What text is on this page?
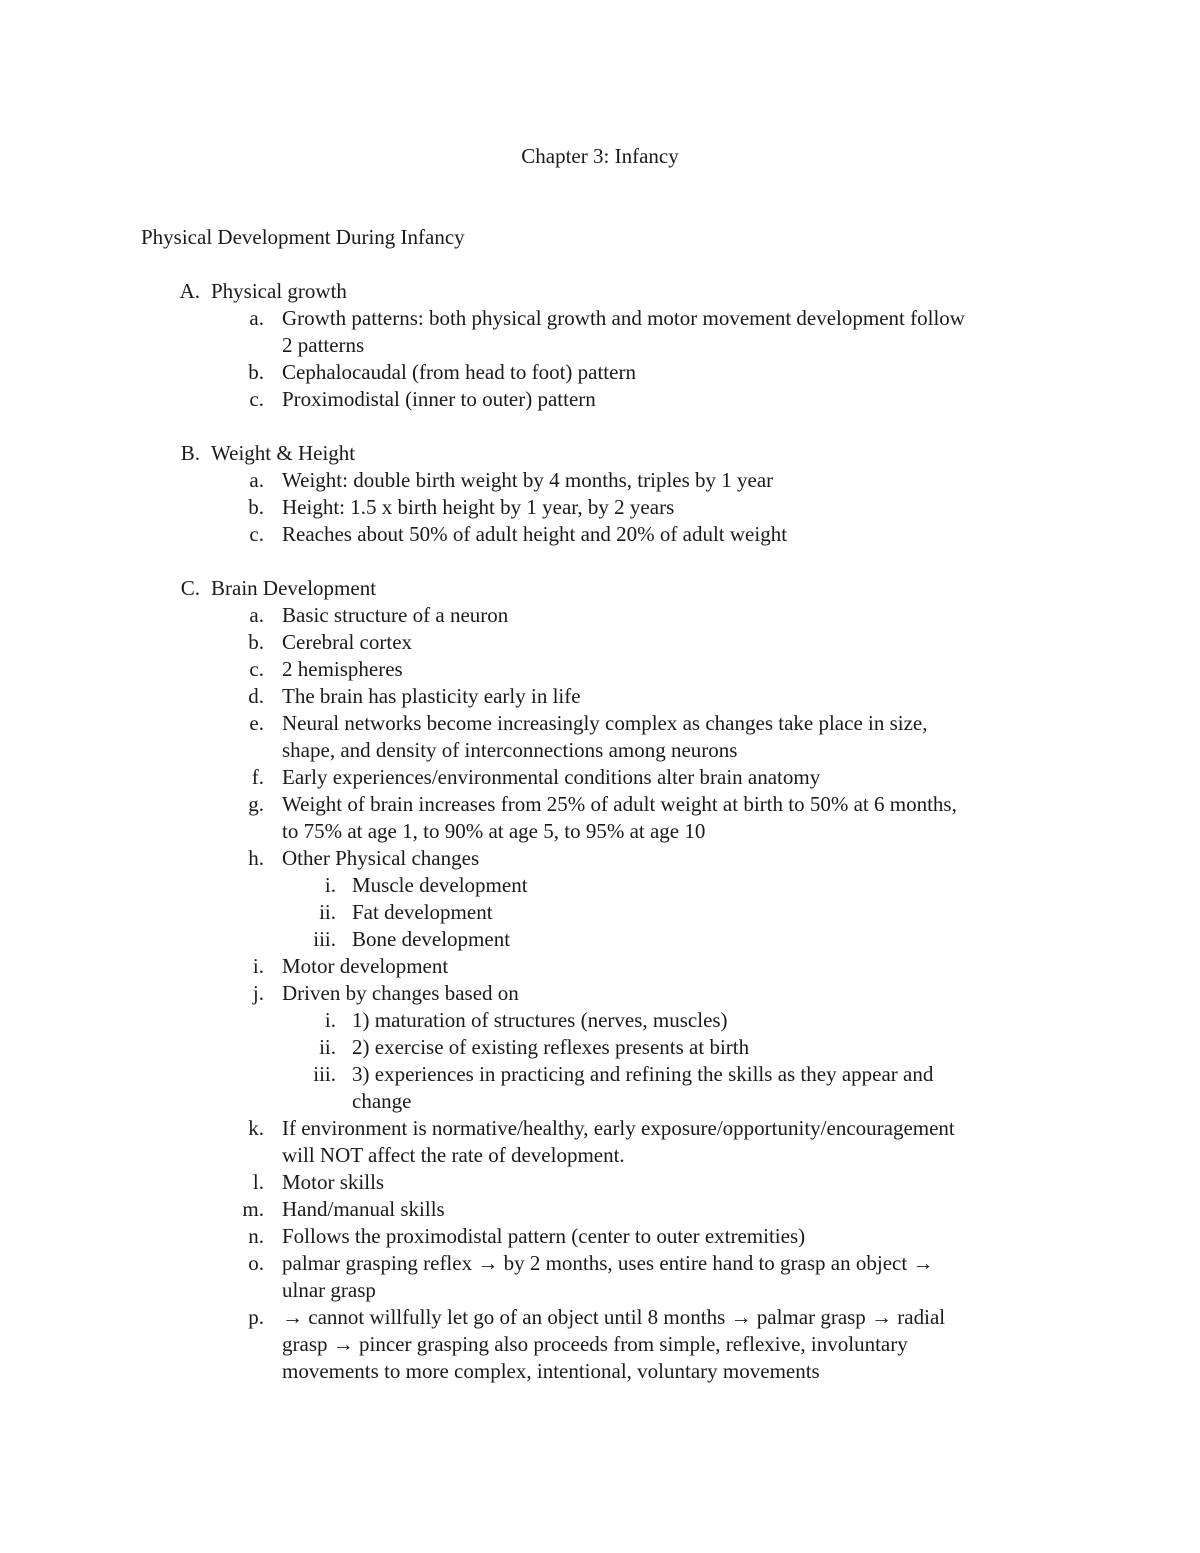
Chapter 3: Infancy
Physical Development During Infancy
A. Physical growth
a. Growth patterns: both physical growth and motor movement development follow
2 patterns
b. Cephalocaudal (from head to foot) pattern
c. Proximodistal (inner to outer) pattern
B. Weight & Height
a. Weight: double birth weight by 4 months, triples by 1 year
b. Height: 1.5 x birth height by 1 year, by 2 years
c. Reaches about 50% of adult height and 20% of adult weight
C. Brain Development
a. Basic structure of a neuron
b. Cerebral cortex
c. 2 hemispheres
d. The brain has plasticity early in life
e. Neural networks become increasingly complex as changes take place in size,
shape, and density of interconnections among neurons
f. Early experiences/environmental conditions alter brain anatomy
g. Weight of brain increases from 25% of adult weight at birth to 50% at 6 months,
to 75% at age 1, to 90% at age 5, to 95% at age 10
h. Other Physical changes
i. Muscle development
ii. Fat development
iii. Bone development
i. Motor development
j. Driven by changes based on
i. 1) maturation of structures (nerves, muscles)
ii. 2) exercise of existing reflexes presents at birth
iii. 3) experiences in practicing and refining the skills as they appear and
change
k. If environment is normative/healthy, early exposure/opportunity/encouragement
will NOT affect the rate of development.
l. Motor skills
m. Hand/manual skills
n. Follows the proximodistal pattern (center to outer extremities)
o. palmar grasping reflex → by 2 months, uses entire hand to grasp an object →
ulnar grasp
p. → cannot willfully let go of an object until 8 months → palmar grasp → radial
grasp → pincer grasping also proceeds from simple, reflexive, involuntary
movements to more complex, intentional, voluntary movements
